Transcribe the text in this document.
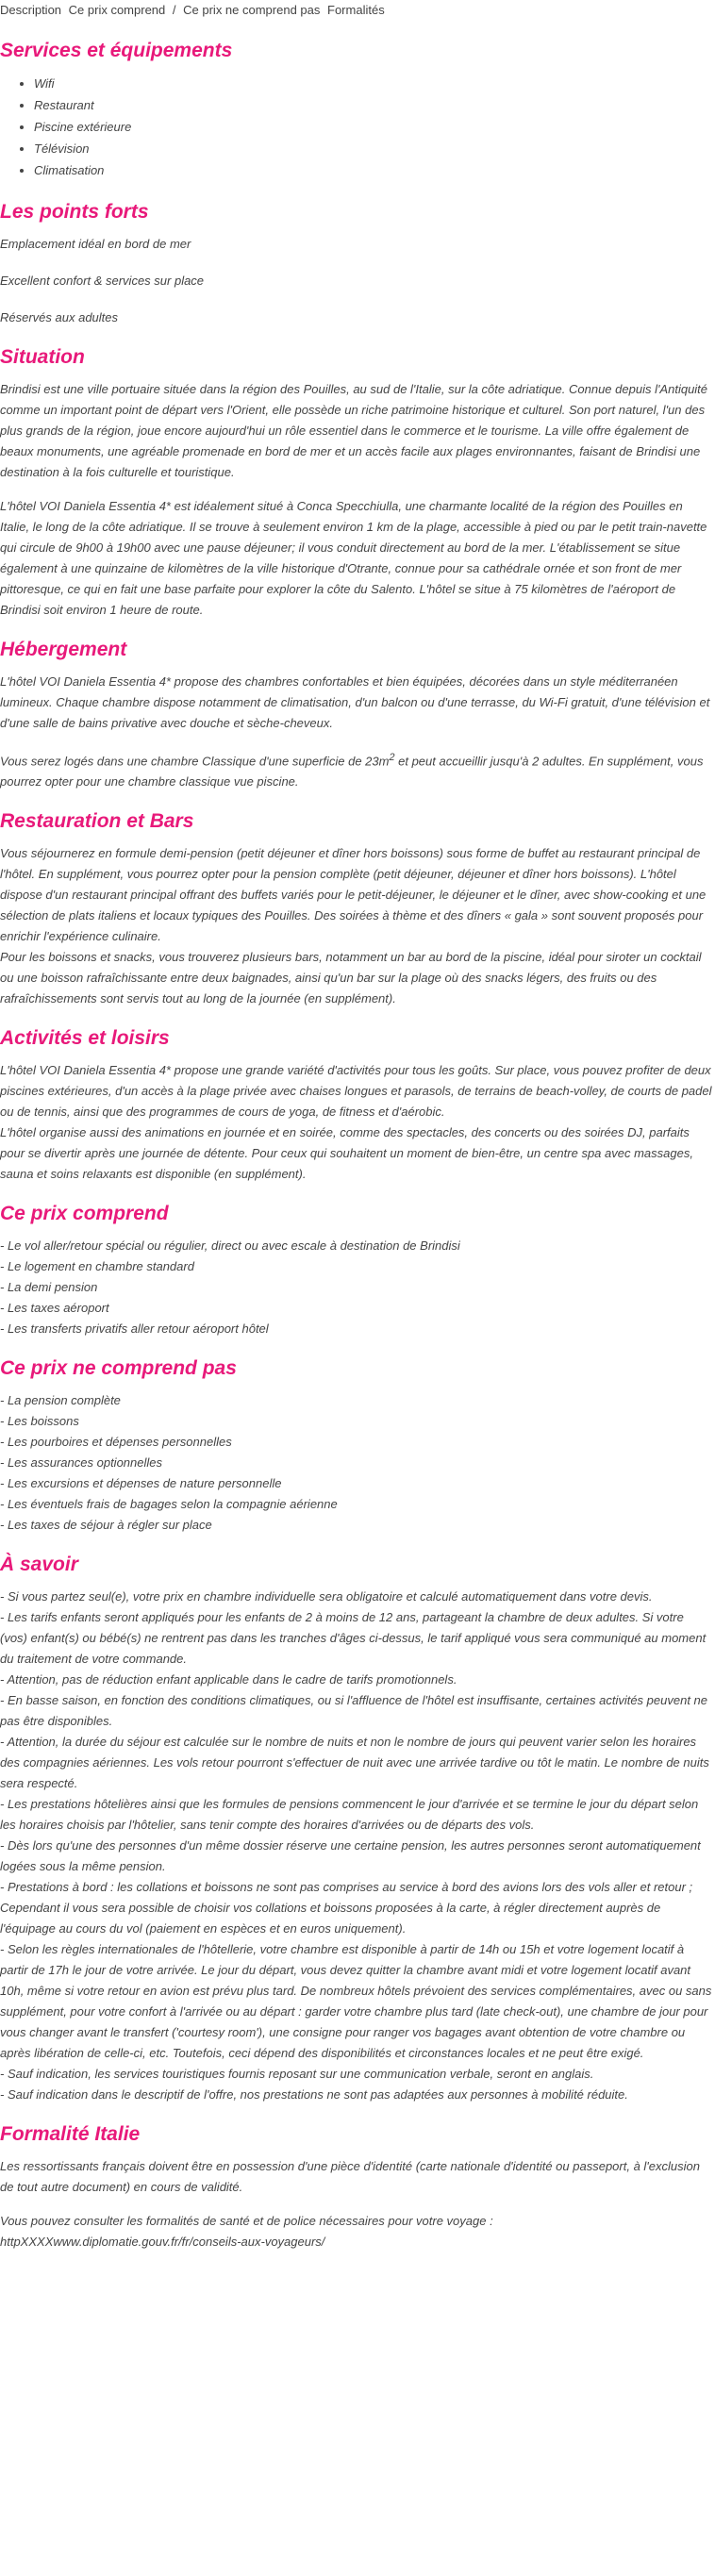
Description Ce prix comprend / Ce prix ne comprend pas Formalités
Services et équipements
• Wifi
• Restaurant
• Piscine extérieure
• Télévision
• Climatisation
Les points forts
Emplacement idéal en bord de mer
Excellent confort & services sur place
Réservés aux adultes
Situation

Brindisi est une ville portuaire située dans la région des Pouilles, au sud de l'Italie, sur la côte adriatique. Connue depuis l'Antiquité comme un important point de départ vers l'Orient, elle possède un riche patrimoine historique et culturel. Son port naturel, l'un des plus grands de la région, joue encore aujourd'hui un rôle essentiel dans le commerce et le tourisme. La ville offre également de beaux monuments, une agréable promenade en bord de mer et un accès facile aux plages environnantes, faisant de Brindisi une destination à la fois culturelle et touristique.

L'hôtel VOI Daniela Essentia 4* est idéalement situé à Conca Specchiulla, une charmante localité de la région des Pouilles en Italie, le long de la côte adriatique. Il se trouve à seulement environ 1 km de la plage, accessible à pied ou par le petit train-navette qui circule de 9h00 à 19h00 avec une pause déjeuner; il vous conduit directement au bord de la mer. L'établissement se situe également à une quinzaine de kilomètres de la ville historique d'Otrante, connue pour sa cathédrale ornée et son front de mer pittoresque, ce qui en fait une base parfaite pour explorer la côte du Salento. L'hôtel se situe à 75 kilomètres de l'aéroport de Brindisi soit environ 1 heure de route.

Hébergement

L'hôtel VOI Daniela Essentia 4* propose des chambres confortables et bien équipées, décorées dans un style méditerranéen lumineux. Chaque chambre dispose notamment de climatisation, d'un balcon ou d'une terrasse, du Wi-Fi gratuit, d'une télévision et d'une salle de bains privative avec douche et sèche-cheveux.

Vous serez logés dans une chambre Classique d'une superficie de $23m^2$ et peut accueillir jusqu'à 2 adultes. En supplément, vous pourrez opter pour une chambre classique vue piscine.

Restauration et Bars

Vous séjournerez en formule demi-pension (petit déjeuner et dîner hors boissons) sous forme de buffet au restaurant principal de l'hôtel. En supplément, vous pourrez opter pour la pension complète (petit déjeuner, déjeuner et dîner hors boissons). L'hôtel dispose d'un restaurant principal offrant des buffets variés pour le petit-déjeuner, le déjeuner et le dîner, avec show-cooking et une sélection de plats italiens et locaux typiques des Pouilles. Des soirées à thème et des dîners « gala » sont souvent proposés pour enrichir l'expérience culinaire.

Pour les boissons et snacks, vous trouverez plusieurs bars, notamment un bar au bord de la piscine, idéal pour siroter un cocktail ou une boisson rafraîchissante entre deux baignades, ainsi qu'un bar sur la plage où des snacks légers, des fruits ou des rafraîchissements sont servis tout au long de la journée (en supplément).

Activités et loisirs

L'hôtel VOI Daniela Essentia 4* propose une grande variété d'activités pour tous les goûts. Sur place, vous pouvez profiter de deux piscines extérieures, d'un accès à la plage privée avec chaises longues et parasols, de terrains de beach-volley, de courts de padel ou de tennis, ainsi que des programmes de cours de yoga, de fitness et d'aérobic.

L'hôtel organise aussi des animations en journée et en soirée, comme des spectacles, des concerts ou des soirées DJ, parfaits pour se divertir après une journée de détente. Pour ceux qui souhaitent un moment de bien-être, un centre spa avec massages, sauna et soins relaxants est disponible (en supplément).

Ce prix comprend
- Le vol aller/retour spécial ou régulier, direct ou avec escale à destination de Brindisi
- Le logement en chambre standard
- La demi pension
- Les taxes aéroport
- Les transferts privatifs aller retour aéroport hôtel
Ce prix ne comprend pas
- La pension complète
- Les boissons
- Les pourboires et dépenses personnelles
- Les assurances optionnelles
- Les excursions et dépenses de nature personnelle
- Les éventuels frais de bagages selon la compagnie aérienne
- Les taxes de séjour à régler sur place
À savoir
- Si vous partez seul(e), votre prix en chambre individuelle sera obligatoire et calculé automatiquement dans votre devis.
- Les tarifs enfants seront appliqués pour les enfants de 2 à moins de 12 ans, partageant la chambre de deux adultes. Si votre (vos) enfant(s) ou bébé(s) ne rentrent pas dans les tranches d'âges ci-dessus, le tarif appliqué vous sera communiqué au moment du traitement de votre commande.
- Attention, pas de réduction enfant applicable dans le cadre de tarifs promotionnels.
- En basse saison, en fonction des conditions climatiques, ou si l'affluence de l'hôtel est insuffisante, certaines activités peuvent ne pas être disponibles.
- Attention, la durée du séjour est calculée sur le nombre de nuits et non le nombre de jours qui peuvent varier selon les horaires des compagnies aériennes. Les vols retour pourront s'effectuer de nuit avec une arrivée tardive ou tôt le matin. Le nombre de nuits sera respecté.
- Les prestations hôtelières ainsi que les formules de pensions commencent le jour d'arrivée et se termine le jour du départ selon les horaires choisis par l'hôtelier, sans tenir compte des horaires d'arrivées ou de départs des vols.
- Dès lors qu'une des personnes d'un même dossier réserve une certaine pension, les autres personnes seront automatiquement logées sous la même pension.
- Prestations à bord : les collations et boissons ne sont pas comprises au service à bord des avions lors des vols aller et retour ; Cependant il vous sera possible de choisir vos collations et boissons proposées à la carte, à régler directement auprès de l'équipage au cours du vol (paiement en espèces et en euros uniquement).
- Selon les règles internationales de l'hôtellerie, votre chambre est disponible à partir de 14h ou 15h et votre logement locatif à partir de 17h le jour de votre arrivée. Le jour du départ, vous devez quitter la chambre avant midi et votre logement locatif avant 10h, même si votre retour en avion est prévu plus tard. De nombreux hôtels prévoient des services complémentaires, avec ou sans supplément, pour votre confort à l'arrivée ou au départ : garder votre chambre plus tard (late check-out), une chambre de jour pour vous changer avant le transfert ('courtesy room'), une consigne pour ranger vos bagages avant obtention de votre chambre ou après libération de celle-ci, etc. Toutefois, ceci dépend des disponibilités et circonstances locales et ne peut être exigé.
- Sauf indication, les services touristiques fournis reposant sur une communication verbale, seront en anglais.
- Sauf indication dans le descriptif de l'offre, nos prestations ne sont pas adaptées aux personnes à mobilité réduite.
Formalité Italie

Les ressortissants français doivent être en possession d'une pièce d'identité (carte nationale d'identité ou passeport, à l'exclusion de tout autre document) en cours de validité.

Vous pouvez consulter les formalités de santé et de police nécessaires pour votre voyage :

httpXXXXwww.diplomatie.gouv.fr/fr/conseils-aux-voyageurs/
